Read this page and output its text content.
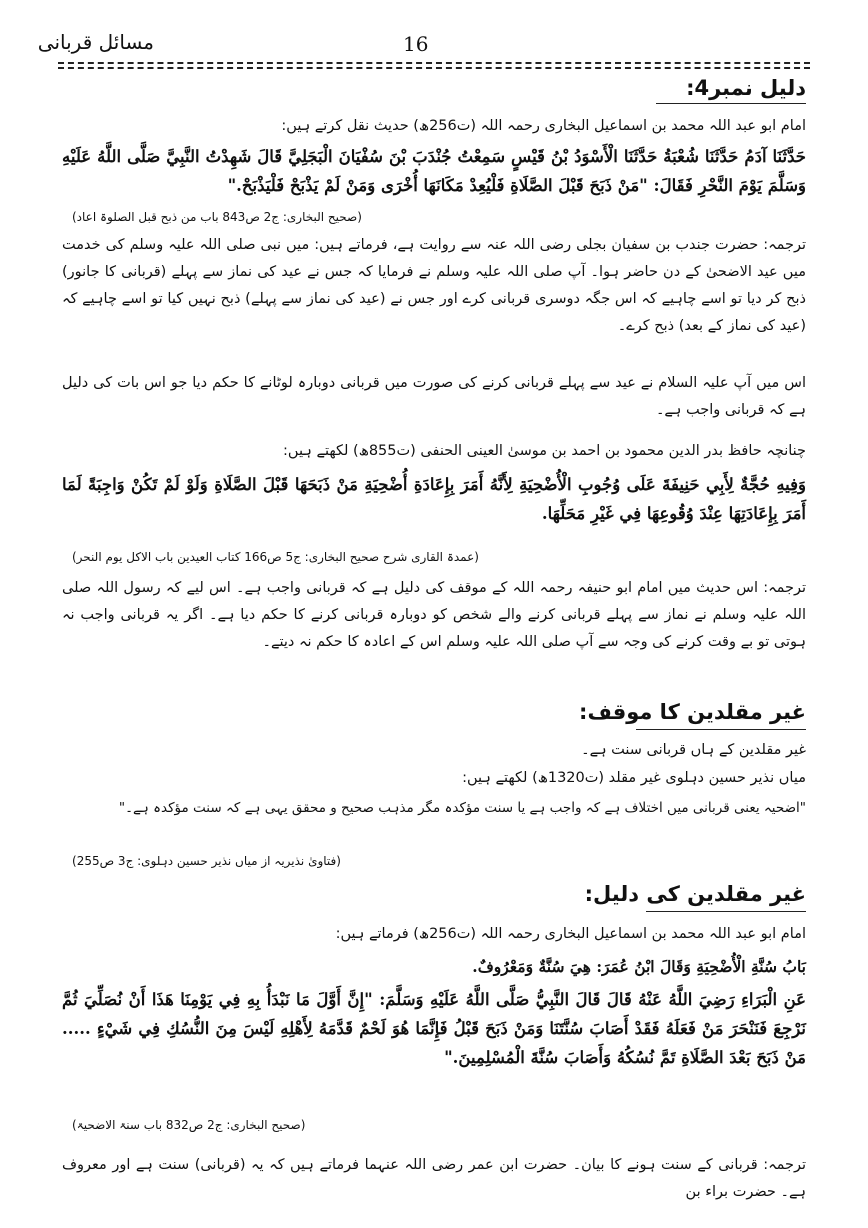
مسائل قربانی	16
دلیل نمبر4:
امام ابو عبد اللہ محمد بن اسماعیل البخاری رحمہ اللہ (ت256ھ) حدیث نقل کرتے ہیں:
حَدَّثَنَا آدَمُ حَدَّثَنَا شُعْبَةُ حَدَّثَنَا الْأَسْوَدُ بْنُ قَيْسٍ سَمِعْتُ جُنْدَبَ بْنَ سُفْيَانَ الْبَجَلِيَّ قَالَ شَهِدْتُ النَّبِيَّ صَلَّى اللَّهُ عَلَيْهِ وَسَلَّمَ يَوْمَ النَّحْرِ فَقَالَ: "مَنْ ذَبَحَ قَبْلَ الصَّلَاةِ فَلْيُعِدْ مَكَانَهَا أُخْرَى وَمَنْ لَمْ يَذْبَحْ فَلْيَذْبَحْ."
(صحیح البخاری: ج2 ص843 باب من ذبح قبل الصلوۃ اعاد)
ترجمہ: حضرت جندب بن سفیان بجلی رضی اللہ عنہ سے روایت ہے، فرماتے ہیں: میں نبی صلی اللہ علیہ وسلم کی خدمت میں عید الاضحیٰ کے دن حاضر ہوا۔ آپ صلی اللہ علیہ وسلم نے فرمایا کہ جس نے عید کی نماز سے پہلے (قربانی کا جانور) ذبح کر دیا تو اسے چاہیے کہ اس جگہ دوسری قربانی کرے اور جس نے (عید کی نماز سے پہلے) ذبح نہیں کیا تو اسے چاہیے کہ (عید کی نماز کے بعد) ذبح کرے۔
اس میں آپ علیہ السلام نے عید سے پہلے قربانی کرنے کی صورت میں قربانی دوبارہ لوٹانے کا حکم دیا جو اس بات کی دلیل ہے کہ قربانی واجب ہے۔
چنانچہ حافظ بدر الدین محمود بن احمد بن موسیٰ العینی الحنفی (ت855ھ) لکھتے ہیں:
وَفِيهِ حُجَّةٌ لِأَبِي حَنِيفَةَ عَلَى وُجُوبِ الْأُضْحِيَةِ لِأَنَّهُ أَمَرَ بِإِعَادَةِ أُضْحِيَةِ مَنْ ذَبَحَهَا قَبْلَ الصَّلَاةِ وَلَوْ لَمْ تَكُنْ وَاجِبَةً لَمَا أَمَرَ بِإِعَادَتِهَا عِنْدَ وُقُوعِهَا فِي غَيْرِ مَحَلِّهَا.
(عمدۃ القاری شرح صحیح البخاری: ج5 ص166 کتاب العیدین باب الاکل یوم النحر)
ترجمہ: اس حدیث میں امام ابو حنیفہ رحمہ اللہ کے موقف کی دلیل ہے کہ قربانی واجب ہے۔ اس لیے کہ رسول اللہ صلی اللہ علیہ وسلم نے نماز سے پہلے قربانی کرنے والے شخص کو دوبارہ قربانی کرنے کا حکم دیا ہے۔ اگر یہ قربانی واجب نہ ہوتی تو بے وقت کرنے کی وجہ سے آپ صلی اللہ علیہ وسلم اس کے اعادہ کا حکم نہ دیتے۔
غیر مقلدین کا موقف:
غیر مقلدین کے ہاں قربانی سنت ہے۔
میاں نذیر حسین دہلوی غیر مقلد (ت1320ھ) لکھتے ہیں:
"اضحیہ یعنی قربانی میں اختلاف ہے کہ واجب ہے یا سنت مؤکدہ مگر مذہب صحیح و محقق یہی ہے کہ سنت مؤکدہ ہے۔"
(فتاویٰ نذیریہ از میاں نذیر حسین دہلوی: ج3 ص255)
غیر مقلدین کی دلیل:
امام ابو عبد اللہ محمد بن اسماعیل البخاری رحمہ اللہ (ت256ھ) فرماتے ہیں:
بَابُ سُنَّةِ الْأُضْحِيَةِ وَقَالَ ابْنُ عُمَرَ: هِيَ سُنَّةٌ وَمَعْرُوفٌ.
عَنِ الْبَرَاءِ رَضِيَ اللَّهُ عَنْهُ قَالَ قَالَ النَّبِيُّ صَلَّى اللَّهُ عَلَيْهِ وَسَلَّمَ: "إِنَّ أَوَّلَ مَا نَبْدَأُ بِهِ فِي يَوْمِنَا هَذَا أَنْ نُصَلِّيَ ثُمَّ نَرْجِعَ فَنَنْحَرَ مَنْ فَعَلَهُ فَقَدْ أَصَابَ سُنَّتَنَا وَمَنْ ذَبَحَ قَبْلُ فَإِنَّمَا هُوَ لَحْمٌ قَدَّمَهُ لِأَهْلِهِ لَيْسَ مِنَ النُّسُكِ فِي شَيْءٍ ..... مَنْ ذَبَحَ بَعْدَ الصَّلَاةِ تَمَّ نُسُكُهُ وَأَصَابَ سُنَّةَ الْمُسْلِمِينَ."
(صحیح البخاری: ج2 ص832 باب سنۃ الاضحیۃ)
ترجمہ: قربانی کے سنت ہونے کا بیان۔ حضرت ابن عمر رضی اللہ عنہما فرماتے ہیں کہ یہ (قربانی) سنت ہے اور معروف ہے۔ حضرت براء بن
